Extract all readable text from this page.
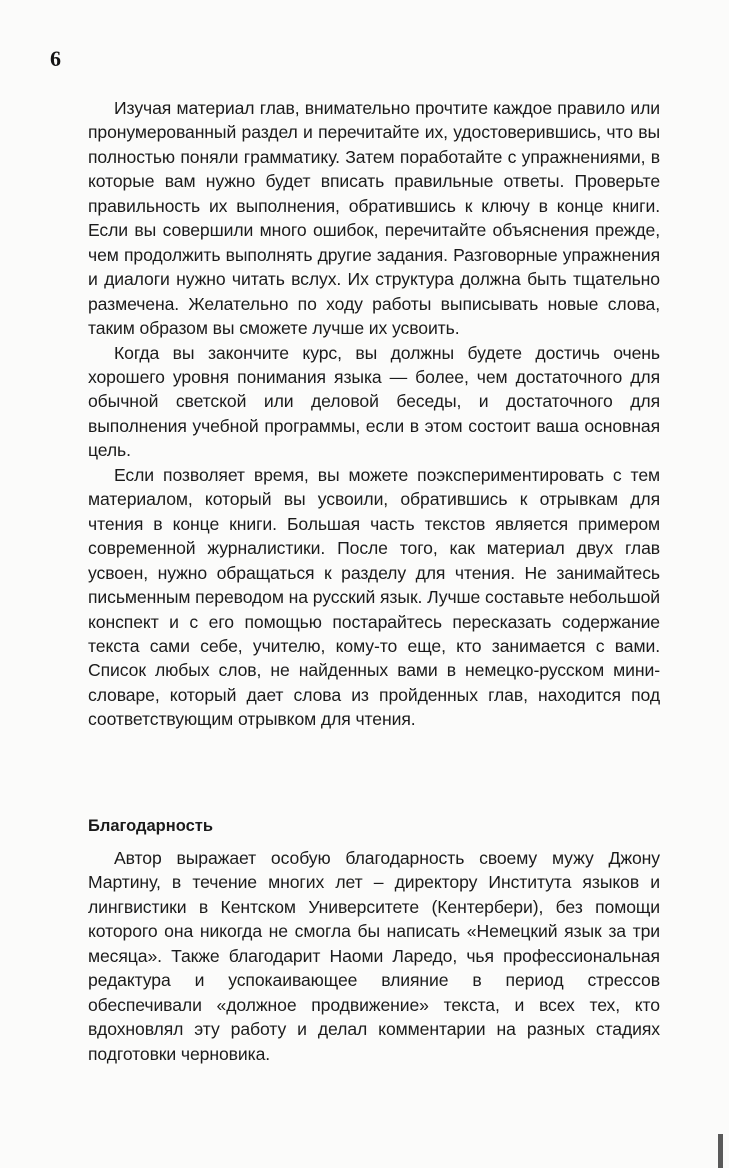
6

Изучая материал глав, внимательно прочтите каждое правило или пронумерованный раздел и перечитайте их, удостоверившись, что вы полностью поняли грамматику. Затем поработайте с упражнениями, в которые вам нужно будет вписать правильные ответы. Проверьте правильность их выполнения, обратившись к ключу в конце книги. Если вы совершили много ошибок, перечитайте объяснения прежде, чем продолжить выполнять другие задания. Разговорные упражнения и диалоги нужно читать вслух. Их структура должна быть тщательно размечена. Желательно по ходу работы выписывать новые слова, таким образом вы сможете лучше их усвоить.

Когда вы закончите курс, вы должны будете достичь очень хорошего уровня понимания языка — более, чем достаточного для обычной светской или деловой беседы, и достаточного для выполнения учебной программы, если в этом состоит ваша основная цель.

Если позволяет время, вы можете поэкспериментировать с тем материалом, который вы усвоили, обратившись к отрывкам для чтения в конце книги. Большая часть текстов является примером современной журналистики. После того, как материал двух глав усвоен, нужно обращаться к разделу для чтения. Не занимайтесь письменным переводом на русский язык. Лучше составьте небольшой конспект и с его помощью постарайтесь пересказать содержание текста сами себе, учителю, кому-то еще, кто занимается с вами. Список любых слов, не найденных вами в немецко-русском мини-словаре, который дает слова из пройденных глав, находится под соответствующим отрывком для чтения.

Благодарность

Автор выражает особую благодарность своему мужу Джону Мартину, в течение многих лет – директору Института языков и лингвистики в Кентском Университете (Кентербери), без помощи которого она никогда не смогла бы написать «Немецкий язык за три месяца». Также благодарит Наоми Ларедо, чья профессиональная редактура и успокаивающее влияние в период стрессов обеспечивали «должное продвижение» текста, и всех тех, кто вдохновлял эту работу и делал комментарии на разных стадиях подготовки черновика.
